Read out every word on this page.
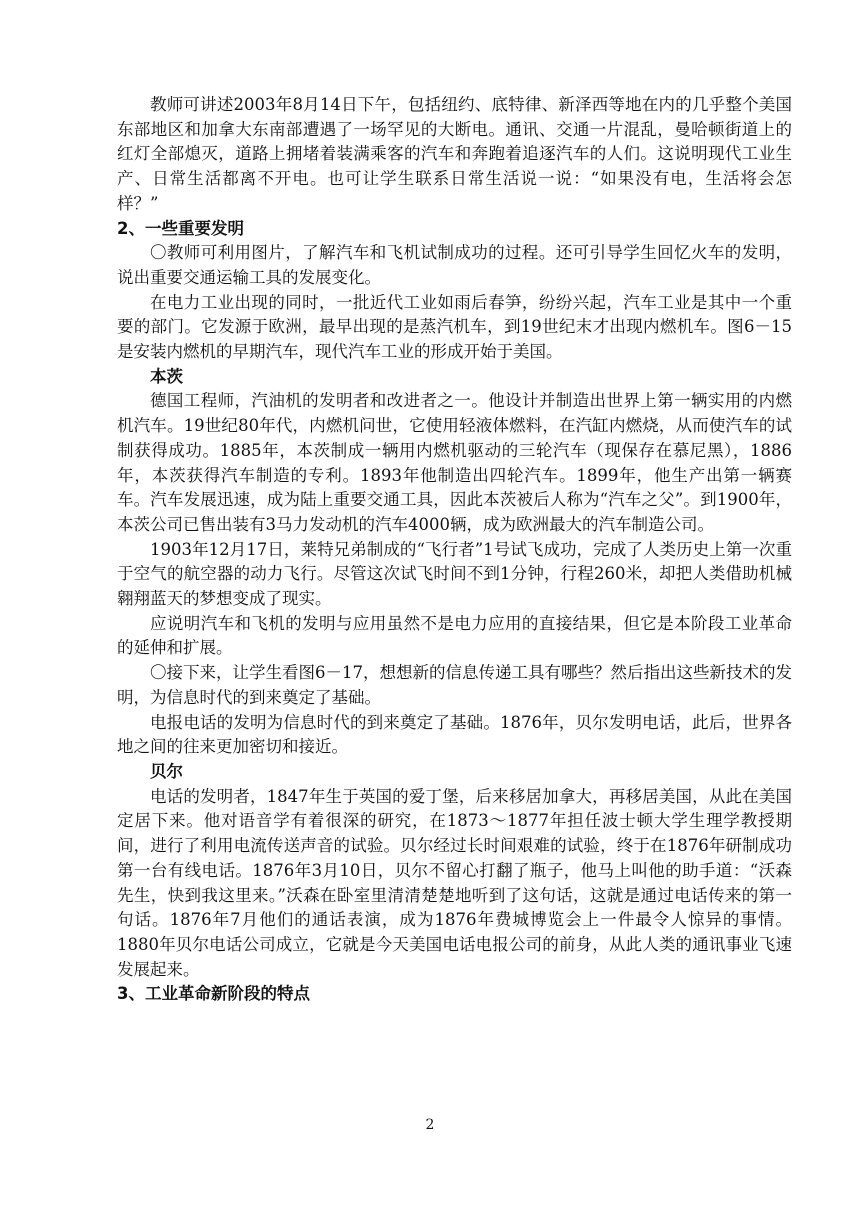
教师可讲述2003年8月14日下午，包括纽约、底特律、新泽西等地在内的几乎整个美国东部地区和加拿大东南部遭遇了一场罕见的大断电。通讯、交通一片混乱，曼哈顿街道上的红灯全部熄灭，道路上拥堵着装满乘客的汽车和奔跑着追逐汽车的人们。这说明现代工业生产、日常生活都离不开电。也可让学生联系日常生活说一说：“如果没有电，生活将会怎样？”

2、一些重要发明

〇教师可利用图片，了解汽车和飞机试制成功的过程。还可引导学生回忆火车的发明，说出重要交通运输工具的发展变化。

在电力工业出现的同时，一批近代工业如雨后春笋，纷纷兴起，汽车工业是其中一个重要的部门。它发源于欧洲，最早出现的是蒸汽机车，到19世纪末才出现内燃机车。图6－15是安装内燃机的早期汽车，现代汽车工业的形成开始于美国。

本茨

德国工程师，汽油机的发明者和改进者之一。他设计并制造出世界上第一辆实用的内燃机汽车。19世纪80年代，内燃机问世，它使用轻液体燃料，在汽缸内燃烧，从而使汽车的试制获得成功。1885年，本茨制成一辆用内燃机驱动的三轮汽车（现保存在慕尼黑），1886年，本茨获得汽车制造的专利。1893年他制造出四轮汽车。1899年，他生产出第一辆赛车。汽车发展迅速，成为陆上重要交通工具，因此本茨被后人称为“汽车之父”。到1900年，本茨公司已售出装有3马力发动机的汽车4000辆，成为欧洲最大的汽车制造公司。

1903年12月17日，莱特兄弟制成的“飞行者”1号试飞成功，完成了人类历史上第一次重于空气的航空器的动力飞行。尽管这次试飞时间不到1分钟，行程260米，却把人类借助机械翱翔蓝天的梦想变成了现实。

应说明汽车和飞机的发明与应用虽然不是电力应用的直接结果，但它是本阶段工业革命的延伸和扩展。

〇接下来，让学生看图6－17，想想新的信息传递工具有哪些？然后指出这些新技术的发明，为信息时代的到来奠定了基础。

电报电话的发明为信息时代的到来奠定了基础。1876年，贝尔发明电话，此后，世界各地之间的往来更加密切和接近。

贝尔

电话的发明者，1847年生于英国的爱丁堡，后来移居加拿大，再移居美国，从此在美国定居下来。他对语音学有着很深的研究，在1873～1877年担任波士顿大学生理学教授期间，进行了利用电流传送声音的试验。贝尔经过长时间艰难的试验，终于在1876年研制成功第一台有线电话。1876年3月10日，贝尔不留心打翻了瓶子，他马上叫他的助手道：“沃森先生，快到我这里来。”沃森在卧室里清清楚楚地听到了这句话，这就是通过电话传来的第一句话。1876年7月他们的通话表演，成为1876年费城博览会上一件最令人惊异的事情。1880年贝尔电话公司成立，它就是今天美国电话电报公司的前身，从此人类的通讯事业飞速发展起来。

3、工业革命新阶段的特点

2
